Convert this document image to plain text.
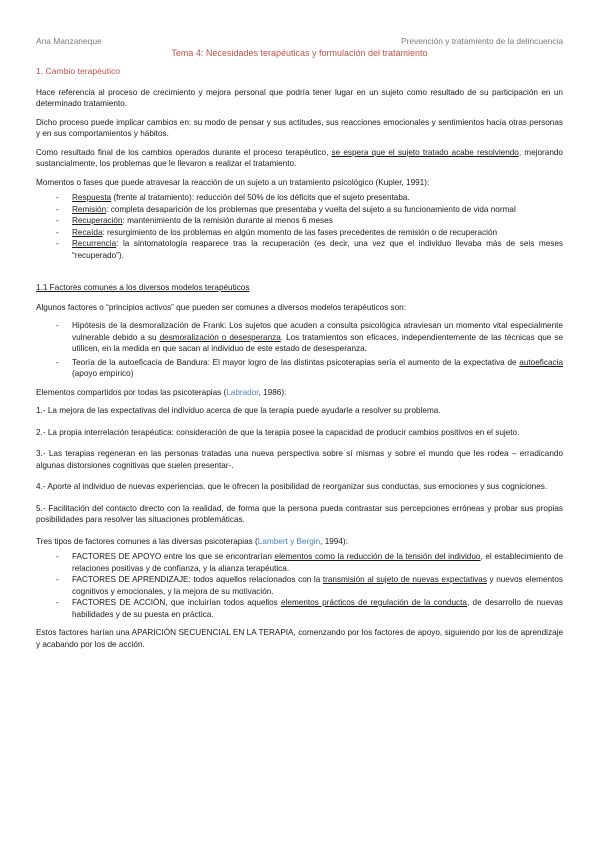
Ana Manzaneque	Prevención y tratamiento de la delincuencia
Tema 4: Necesidades terapéuticas y formulación del tratamiento
1. Cambio terapéutico

Hace referencia al proceso de crecimiento y mejora personal que podría tener lugar en un sujeto como resultado de su participación en un determinado tratamiento.

Dicho proceso puede implicar cambios en: su modo de pensar y sus actitudes, sus reacciones emocionales y sentimientos hacia otras personas y en sus comportamientos y hábitos.

Como resultado final de los cambios operados durante el proceso terapéutico, se espera que el sujeto tratado acabe resolviendo, mejorando sustancialmente, los problemas que le llevaron a realizar el tratamiento.

Momentos o fases que puede atravesar la reacción de un sujeto a un tratamiento psicológico (Kupler, 1991):

- Respuesta (frente al tratamiento): reducción del 50% de los déficits que el sujeto presentaba.
- Remisión: completa desaparición de los problemas que presentaba y vuelta del sujeto a su funcionamiento de vida normal
- Recuperación: mantenimiento de la remisión durante al menos 6 meses
- Recaída: resurgimiento de los problemas en algún momento de las fases precedentes de remisión o de recuperación
- Recurrencia: la sintomatología reaparece tras la recuperación (es decir, una vez que el individuo llevaba más de seis meses “recuperado”).
1.1 Factores comunes a los diversos modelos terapéuticos

Algunos factores o “principios activos” que pueden ser comunes a diversos modelos terapéuticos son:

- Hipótesis de la desmoralización de Frank: Los sujetos que acuden a consulta psicológica atraviesan un momento vital especialmente vulnerable debido a su desmoralización o desesperanza. Los tratamientos son eficaces, independientemente de las técnicas que se utilicen, en la medida en que sacan al individuo de este estado de desesperanza.
- Teoría de la autoeficacia de Bandura: El mayor logro de las distintas psicoterapias sería el aumento de la expectativa de autoeficacia (apoyo empírico)

Elementos compartidos por todas las psicoterapias (Labrador, 1986):

1.- La mejora de las expectativas del individuo acerca de que la terapia puede ayudarle a resolver su problema.

2.- La propia interrelación terapéutica: consideración de que la terapia posee la capacidad de producir cambios positivos en el sujeto.

3.- Las terapias regeneran en las personas tratadas una nueva perspectiva sobre sí mismas y sobre el mundo que les rodea – erradicando algunas distorsiones cognitivas que suelen presentar-.

4.- Aporte al individuo de nuevas experiencias, que le ofrecen la posibilidad de reorganizar sus conductas, sus emociones y sus cogniciones.

5.- Facilitación del contacto directo con la realidad, de forma que la persona pueda contrastar sus percepciones erróneas y probar sus propias posibilidades para resolver las situaciones problemáticas.

Tres tipos de factores comunes a las diversas psicoterapias (Lambert y Bergin, 1994):

- FACTORES DE APOYO entre los que se encontrarían elementos como la reducción de la tensión del individuo, el establecimiento de relaciones positivas y de confianza, y la alianza terapéutica.
- FACTORES DE APRENDIZAJE: todos aquellos relacionados con la transmisión al sujeto de nuevas expectativas y nuevos elementos cognitivos y emocionales, y la mejora de su motivación.
- FACTORES DE ACCIÓN, que incluirían todos aquellos elementos prácticos de regulación de la conducta, de desarrollo de nuevas habilidades y de su puesta en práctica.

Estos factores harían una APARICIÓN SECUENCIAL EN LA TERAPIA, comenzando por los factores de apoyo, siguiendo por los de aprendizaje y acabando por los de acción.
